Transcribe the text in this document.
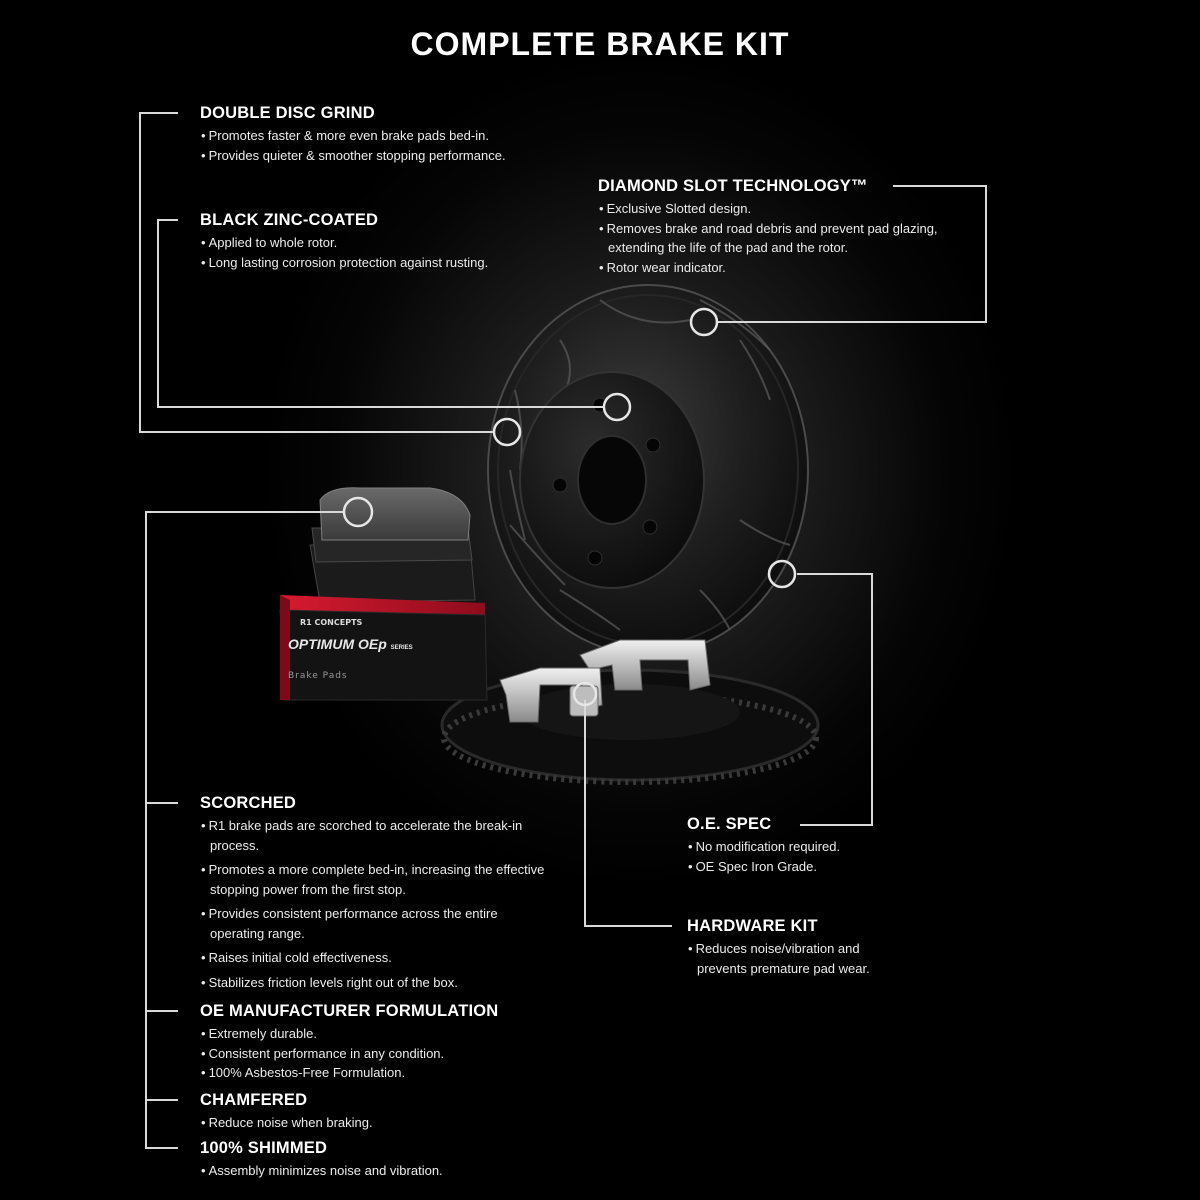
R1 CONCEPTS
OPTIMUM OEp SERIES
Brake Pads
COMPLETE BRAKE KIT
DOUBLE DISC GRIND
• Promotes faster & more even brake pads bed-in.
• Provides quieter & smoother stopping performance.
BLACK ZINC-COATED
• Applied to whole rotor.
• Long lasting corrosion protection against rusting.
DIAMOND SLOT TECHNOLOGY™
• Exclusive Slotted design.
• Removes brake and road debris and prevent pad glazing, extending the life of the pad and the rotor.
• Rotor wear indicator.
SCORCHED
• R1 brake pads are scorched to accelerate the break-in process.
• Promotes a more complete bed-in, increasing the effective stopping power from the first stop.
• Provides consistent performance across the entire operating range.
• Raises initial cold effectiveness.
• Stabilizes friction levels right out of the box.
OE MANUFACTURER FORMULATION
• Extremely durable.
• Consistent performance in any condition.
• 100% Asbestos-Free Formulation.
CHAMFERED
• Reduce noise when braking.
100% SHIMMED
• Assembly minimizes noise and vibration.
O.E. SPEC
• No modification required.
• OE Spec Iron Grade.
HARDWARE KIT
• Reduces noise/vibration and prevents premature pad wear.
